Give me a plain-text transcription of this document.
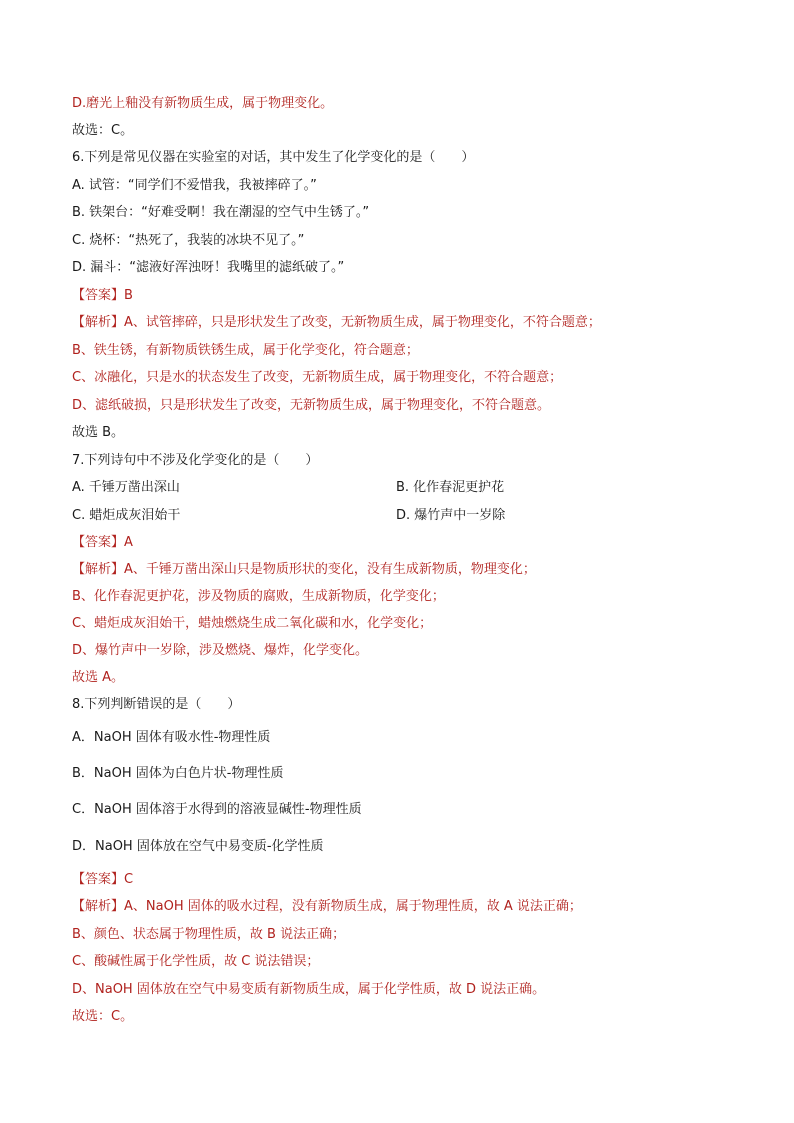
D.磨光上釉没有新物质生成，属于物理变化。
故选：C。
6.下列是常见仪器在实验室的对话，其中发生了化学变化的是（　　）
A. 试管：“同学们不爱惜我，我被摔碎了。”
B. 铁架台：“好难受啊！我在潮湿的空气中生锈了。”
C. 烧杯：“热死了，我装的冰块不见了。”
D. 漏斗：“滤液好浑浊呀！我嘴里的滤纸破了。”
【答案】B
【解析】A、试管摔碎，只是形状发生了改变，无新物质生成，属于物理变化，不符合题意；
B、铁生锈，有新物质铁锈生成，属于化学变化，符合题意；
C、冰融化，只是水的状态发生了改变，无新物质生成，属于物理变化，不符合题意；
D、滤纸破损，只是形状发生了改变，无新物质生成，属于物理变化，不符合题意。
故选 B。
7.下列诗句中不涉及化学变化的是（　　）
A. 千锤万凿出深山	B. 化作春泥更护花
C. 蜡炬成灰泪始干	D. 爆竹声中一岁除
【答案】A
【解析】A、千锤万凿出深山只是物质形状的变化，没有生成新物质，物理变化；
B、化作春泥更护花，涉及物质的腐败，生成新物质，化学变化；
C、蜡炬成灰泪始干，蜡烛燃烧生成二氧化碳和水，化学变化；
D、爆竹声中一岁除，涉及燃烧、爆炸，化学变化。
故选 A。
8.下列判断错误的是（　　）
A．NaOH 固体有吸水性-物理性质
B．NaOH 固体为白色片状-物理性质
C．NaOH 固体溶于水得到的溶液显碱性-物理性质
D．NaOH 固体放在空气中易变质-化学性质
【答案】C
【解析】A、NaOH 固体的吸水过程，没有新物质生成，属于物理性质，故 A 说法正确；
B、颜色、状态属于物理性质，故 B 说法正确；
C、酸碱性属于化学性质，故 C 说法错误；
D、NaOH 固体放在空气中易变质有新物质生成，属于化学性质，故 D 说法正确。
故选：C。
